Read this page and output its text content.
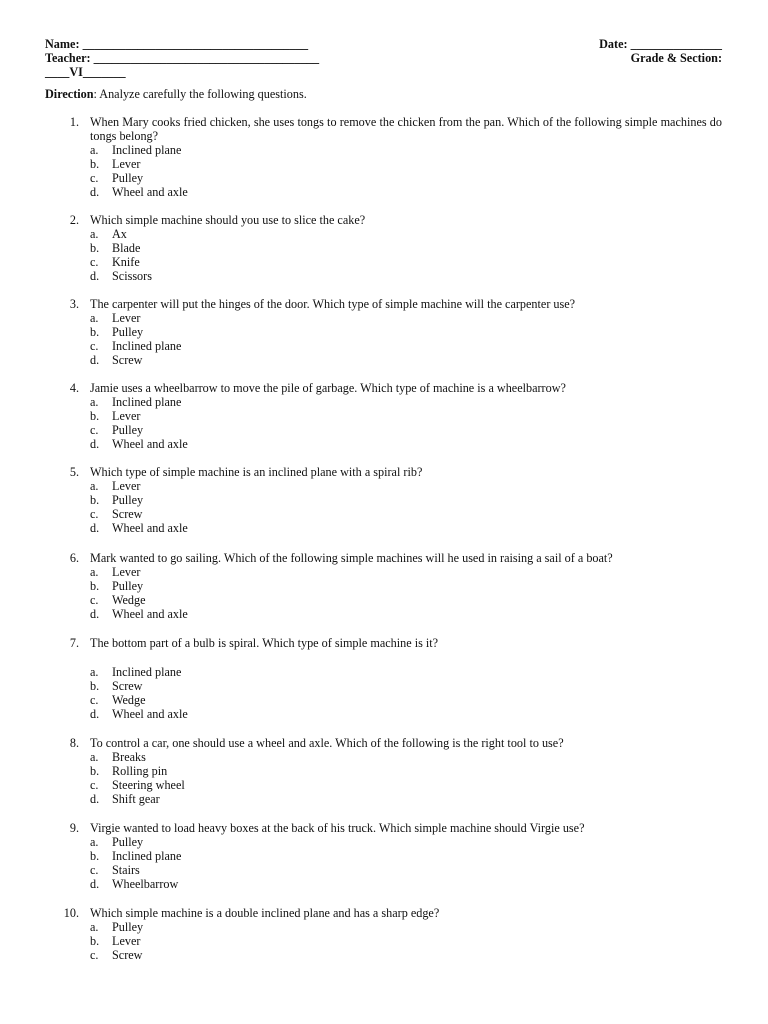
Name: _____________________________________	Date: _______________
Teacher: _____________________________________	Grade & Section:
____VI_______
Direction: Analyze carefully the following questions.
1. When Mary cooks fried chicken, she uses tongs to remove the chicken from the pan. Which of the following simple machines do tongs belong?
a. Inclined plane
b. Lever
c. Pulley
d. Wheel and axle
2. Which simple machine should you use to slice the cake?
a. Ax
b. Blade
c. Knife
d. Scissors
3. The carpenter will put the hinges of the door. Which type of simple machine will the carpenter use?
a. Lever
b. Pulley
c. Inclined plane
d. Screw
4. Jamie uses a wheelbarrow to move the pile of garbage. Which type of machine is a wheelbarrow?
a. Inclined plane
b. Lever
c. Pulley
d. Wheel and axle
5. Which type of simple machine is an inclined plane with a spiral rib?
a. Lever
b. Pulley
c. Screw
d. Wheel and axle
6. Mark wanted to go sailing. Which of the following simple machines will he used in raising a sail of a boat?
a. Lever
b. Pulley
c. Wedge
d. Wheel and axle
7. The bottom part of a bulb is spiral. Which type of simple machine is it?
a. Inclined plane
b. Screw
c. Wedge
d. Wheel and axle
8. To control a car, one should use a wheel and axle. Which of the following is the right tool to use?
a. Breaks
b. Rolling pin
c. Steering wheel
d. Shift gear
9. Virgie wanted to load heavy boxes at the back of his truck. Which simple machine should Virgie use?
a. Pulley
b. Inclined plane
c. Stairs
d. Wheelbarrow
10. Which simple machine is a double inclined plane and has a sharp edge?
a. Pulley
b. Lever
c. Screw
